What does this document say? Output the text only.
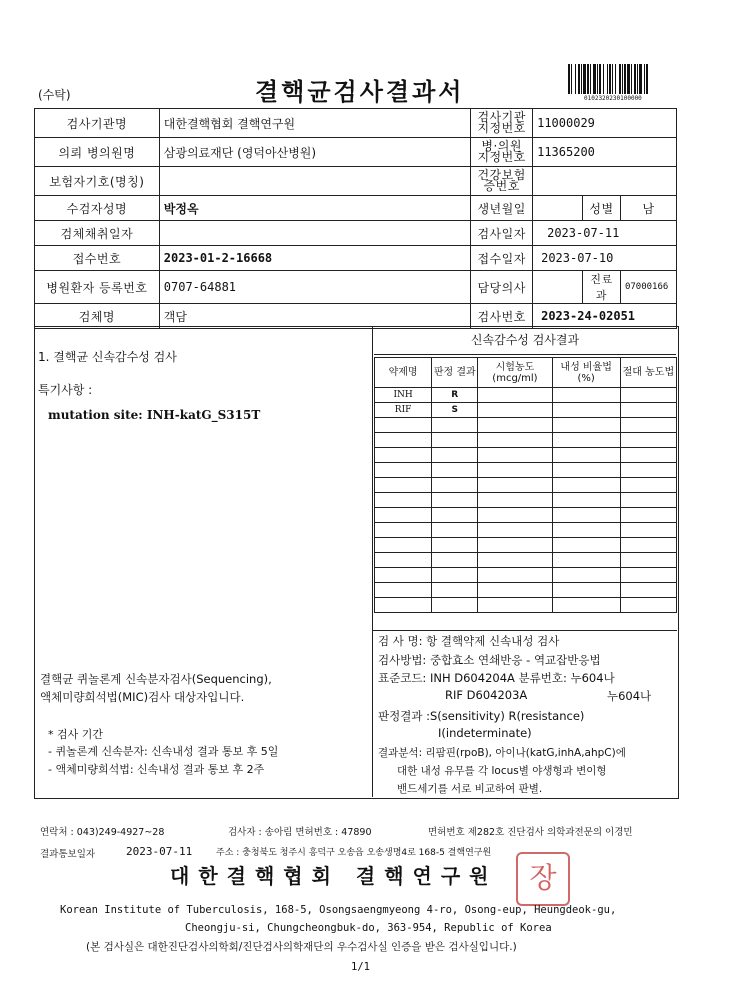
(수탁)	결핵균검사결과서	0102320230100000
검사기관명	대한결핵협회 결핵연구원	검사기관 지정번호	11000029		
의뢰 병의원명	삼광의료재단 (영덕아산병원)	병·의원 지정번호	11365200		
보험자기호(명칭)		건강보험 증번호			
수검자성명	박정옥	생년월일		성별	남
검체채취일자		검사일자	2023-07-11		
접수번호	2023-01-2-16668	접수일자	2023-07-10		
병원환자 등록번호	0707-64881	담당의사		진료과	07000166
검체명	객담	검사번호	2023-24-02051		
1. 결핵균 신속감수성 검사
특기사항 :
mutation site: INH-katG_S315T
결핵균 퀴놀론계 신속분자검사(Sequencing),
액체미량희석법(MIC)검사 대상자입니다.
* 검사 기간
- 퀴놀론계 신속분자: 신속내성 결과 통보 후 5일
- 액체미량희석법: 신속내성 결과 통보 후 2주
신속감수성 검사결과
약제명	판정 결과	시험농도 (mcg/ml)	내성 비율법(%)	절대 농도법
INH	R			
RIF	S			

검 사 명: 항 결핵약제 신속내성 검사
검사방법: 중합효소 연쇄반응 - 역교잡반응법
표준코드: INH D604204A 분류번호: 누604나
RIF D604203A	누604나
판정결과 :S(sensitivity) R(resistance)
I(indeterminate)
결과분석: 리팜핀(rpoB), 아이나(katG,inhA,ahpC)에
대한 내성 유무를 각 locus별 야생형과 변이형
밴드세기를 서로 비교하여 판별.
연락처 : 043)249-4927~28	검사자 : 송아림 면허번호 : 47890	면허번호 제282호 진단검사 의학과전문의 이경민
결과통보일자	2023-07-11	주소 : 충청북도 청주시 흥덕구 오송읍 오송생명4로 168-5 결핵연구원
대한결핵협회 결핵연구원	장
Korean Institute of Tuberculosis, 168-5, Osongsaengmyeong 4-ro, Osong-eup, Heungdeok-gu,
Cheongju-si, Chungcheongbuk-do, 363-954, Republic of Korea
(본 검사실은 대한진단검사의학회/진단검사의학재단의 우수검사실 인증을 받은 검사실입니다.)
1/1
